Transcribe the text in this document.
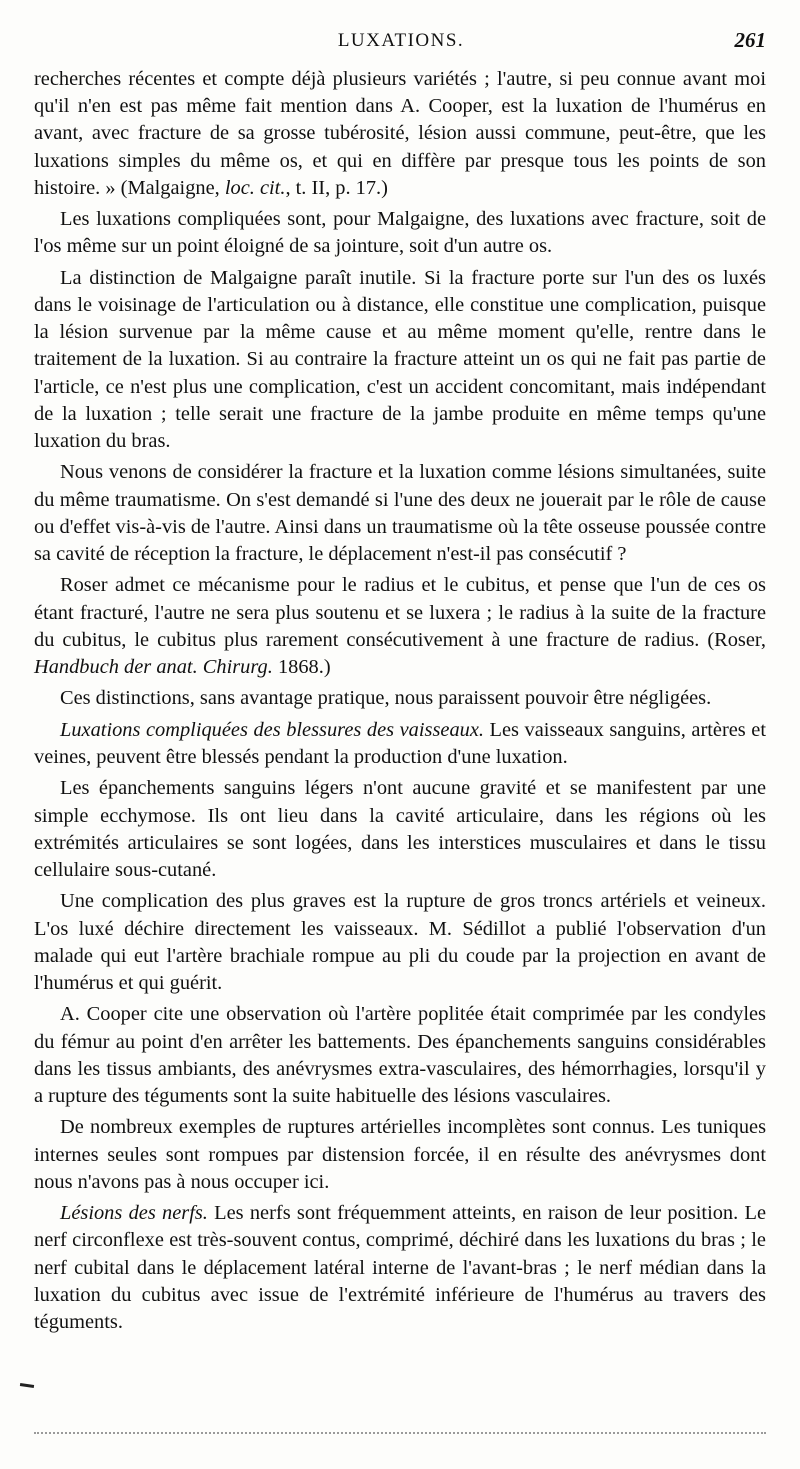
LUXATIONS.	261

recherches récentes et compte déjà plusieurs variétés ; l'autre, si peu connue avant moi qu'il n'en est pas même fait mention dans A. Cooper, est la luxation de l'humérus en avant, avec fracture de sa grosse tubérosité, lésion aussi commune, peut-être, que les luxations simples du même os, et qui en diffère par presque tous les points de son histoire. » (Malgaigne, loc. cit., t. II, p. 17.)

Les luxations compliquées sont, pour Malgaigne, des luxations avec fracture, soit de l'os même sur un point éloigné de sa jointure, soit d'un autre os.

La distinction de Malgaigne paraît inutile. Si la fracture porte sur l'un des os luxés dans le voisinage de l'articulation ou à distance, elle constitue une complication, puisque la lésion survenue par la même cause et au même moment qu'elle, rentre dans le traitement de la luxation. Si au contraire la fracture atteint un os qui ne fait pas partie de l'article, ce n'est plus une complication, c'est un accident concomitant, mais indépendant de la luxation ; telle serait une fracture de la jambe produite en même temps qu'une luxation du bras.

Nous venons de considérer la fracture et la luxation comme lésions simultanées, suite du même traumatisme. On s'est demandé si l'une des deux ne jouerait par le rôle de cause ou d'effet vis-à-vis de l'autre. Ainsi dans un traumatisme où la tête osseuse poussée contre sa cavité de réception la fracture, le déplacement n'est-il pas consécutif ?

Roser admet ce mécanisme pour le radius et le cubitus, et pense que l'un de ces os étant fracturé, l'autre ne sera plus soutenu et se luxera ; le radius à la suite de la fracture du cubitus, le cubitus plus rarement consécutivement à une fracture de radius. (Roser, Handbuch der anat. Chirurg. 1868.)

Ces distinctions, sans avantage pratique, nous paraissent pouvoir être négligées.

Luxations compliquées des blessures des vaisseaux. Les vaisseaux sanguins, artères et veines, peuvent être blessés pendant la production d'une luxation.

Les épanchements sanguins légers n'ont aucune gravité et se manifestent par une simple ecchymose. Ils ont lieu dans la cavité articulaire, dans les régions où les extrémités articulaires se sont logées, dans les interstices musculaires et dans le tissu cellulaire sous-cutané.

Une complication des plus graves est la rupture de gros troncs artériels et veineux. L'os luxé déchire directement les vaisseaux. M. Sédillot a publié l'observation d'un malade qui eut l'artère brachiale rompue au pli du coude par la projection en avant de l'humérus et qui guérit.

A. Cooper cite une observation où l'artère poplitée était comprimée par les condyles du fémur au point d'en arrêter les battements. Des épanchements sanguins considérables dans les tissus ambiants, des anévrysmes extra-vasculaires, des hémorrhagies, lorsqu'il y a rupture des téguments sont la suite habituelle des lésions vasculaires.

De nombreux exemples de ruptures artérielles incomplètes sont connus. Les tuniques internes seules sont rompues par distension forcée, il en résulte des anévrysmes dont nous n'avons pas à nous occuper ici.

Lésions des nerfs. Les nerfs sont fréquemment atteints, en raison de leur position. Le nerf circonflexe est très-souvent contus, comprimé, déchiré dans les luxations du bras ; le nerf cubital dans le déplacement latéral interne de l'avant-bras ; le nerf médian dans la luxation du cubitus avec issue de l'extrémité inférieure de l'humérus au travers des téguments.
